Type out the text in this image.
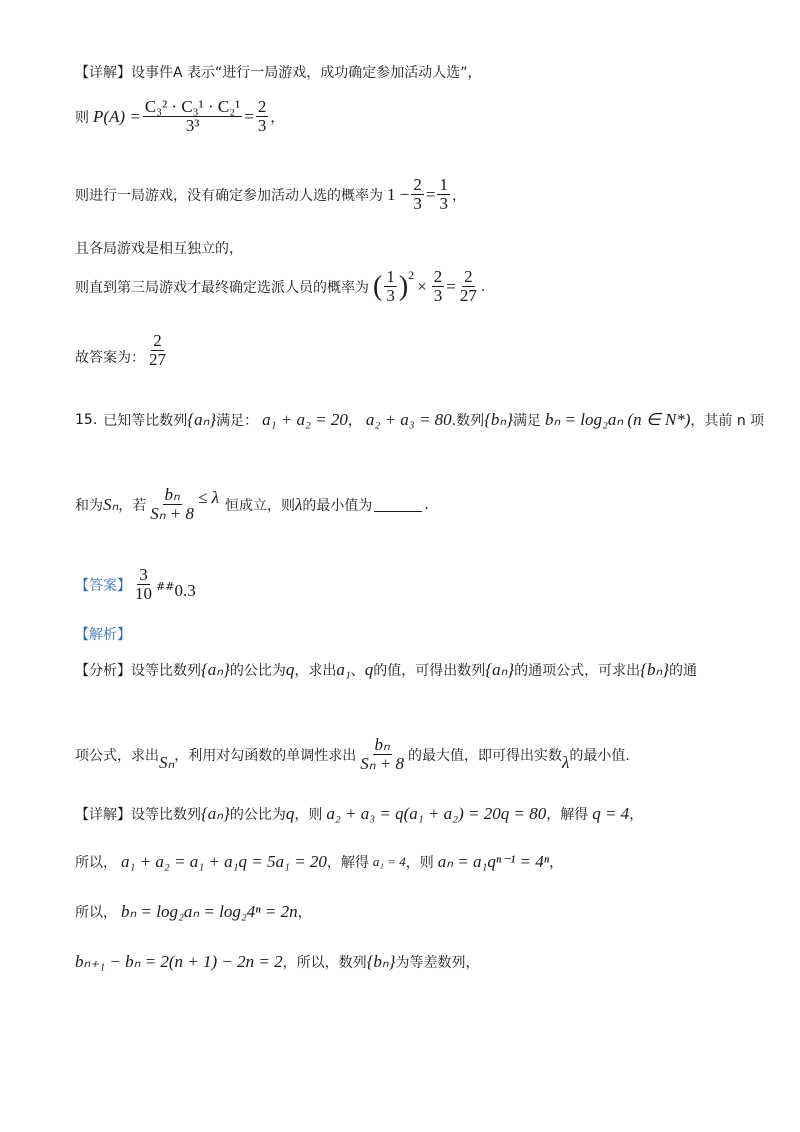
【详解】 设事件A 表示“进行一局游戏，成功确定参加活动人选”，
则 $P(A) = \frac{\text{C₃² · C₃¹ · C₂¹}}{\text{3³}} = \frac{2}{3}$ ，
则进行一局游戏，没有确定参加活动人选的概率为 $1 - \frac{2}{3} = \frac{1}{3}$ ，
且各局游戏是相互独立的，
则直到第三局游戏才最终确定选派人员的概率为 ( $\frac{1}{3}$ ) 2
× $\frac{2}{3} = \frac{2}{27}$ .
故答案为： $\frac{2}{27}$
15. 已知等比数列 {aₙ} 满足： a₁ + a₂ = 20 ， a₂ + a₃ = 80 .数列 {bₙ} 满足 bₙ = log₂aₙ (n ∈ N*) ，其前 n 项
和为 Sₙ ，若 $\frac{\text{bₙ}}{\text{Sₙ + 8}} \le \lambda$ 恒成立，则 λ 的最小值为	.
【答案】 $\frac{3}{10}$ ## 0.3
【解析】
【分析】 设等比数列 {aₙ} 的公比为 q ，求出 a₁ 、 q 的值，可得出数列 {aₙ} 的通项公式，可求出 {bₙ} 的通
项公式，求出 Sₙ ，利用对勾函数的单调性求出 $\frac{\text{bₙ}}{\text{Sₙ + 8}}$ 的最大值，即可得出实数 λ 的最小值.
【详解】 设等比数列 {aₙ} 的公比为 q ，则 a₂ + a₃ = q(a₁ + a₂) = 20q = 80 ，解得 q = 4 ，
所以， a₁ + a₂ = a₁ + a₁q = 5a₁ = 20 ，解得 a₁ = 4 ，则 aₙ = a₁qⁿ⁻¹ = 4ⁿ ，
所以， bₙ = log₂aₙ = log₂4ⁿ = 2n ，
bₙ₊₁ − bₙ = 2(n + 1) − 2n = 2 ，所以，数列 {bₙ} 为等差数列，
